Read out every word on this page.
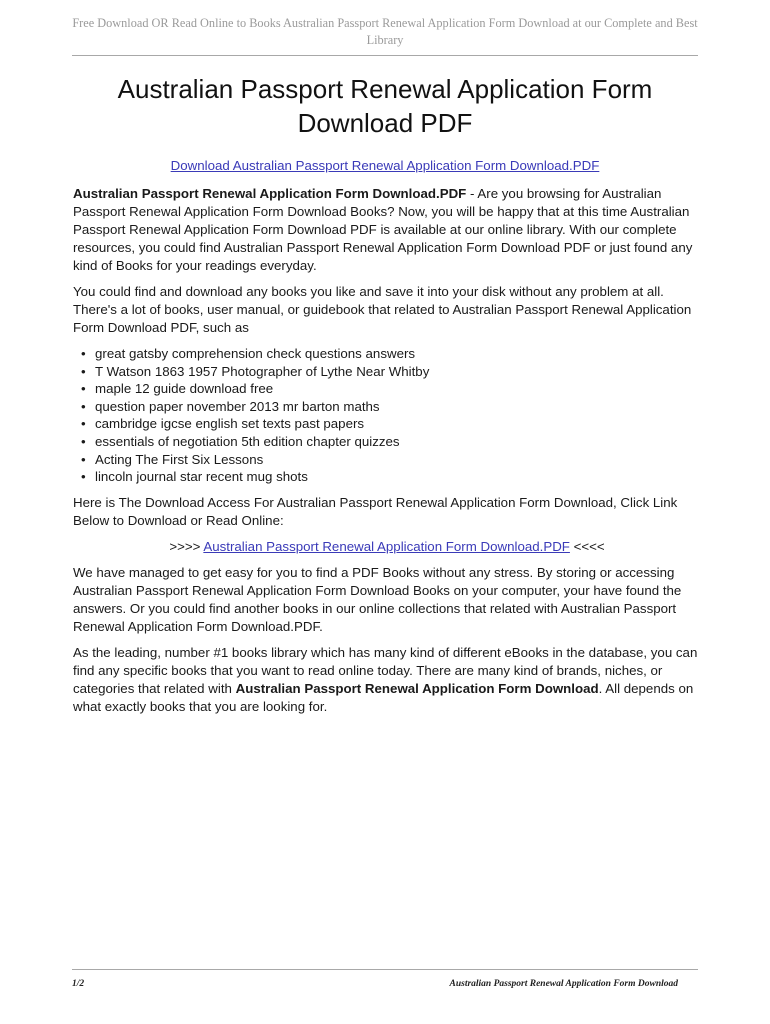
Free Download OR Read Online to Books Australian Passport Renewal Application Form Download at our Complete and Best Library
Australian Passport Renewal Application Form
Download PDF
Download Australian Passport Renewal Application Form Download.PDF

Australian Passport Renewal Application Form Download.PDF - Are you browsing for Australian Passport Renewal Application Form Download Books? Now, you will be happy that at this time Australian Passport Renewal Application Form Download PDF is available at our online library. With our complete resources, you could find Australian Passport Renewal Application Form Download PDF or just found any kind of Books for your readings everyday.

You could find and download any books you like and save it into your disk without any problem at all. There's a lot of books, user manual, or guidebook that related to Australian Passport Renewal Application Form Download PDF, such as

• great gatsby comprehension check questions answers
• T Watson 1863 1957 Photographer of Lythe Near Whitby
• maple 12 guide download free
• question paper november 2013 mr barton maths
• cambridge igcse english set texts past papers
• essentials of negotiation 5th edition chapter quizzes
• Acting The First Six Lessons
• lincoln journal star recent mug shots

Here is The Download Access For Australian Passport Renewal Application Form Download, Click Link Below to Download or Read Online:

>>>> Australian Passport Renewal Application Form Download.PDF <<<<

We have managed to get easy for you to find a PDF Books without any stress. By storing or accessing Australian Passport Renewal Application Form Download Books on your computer, your have found the answers. Or you could find another books in our online collections that related with Australian Passport Renewal Application Form Download.PDF.

As the leading, number #1 books library which has many kind of different eBooks in the database, you can find any specific books that you want to read online today. There are many kind of brands, niches, or categories that related with Australian Passport Renewal Application Form Download. All depends on what exactly books that you are looking for.

1/2	Australian Passport Renewal Application Form Download
